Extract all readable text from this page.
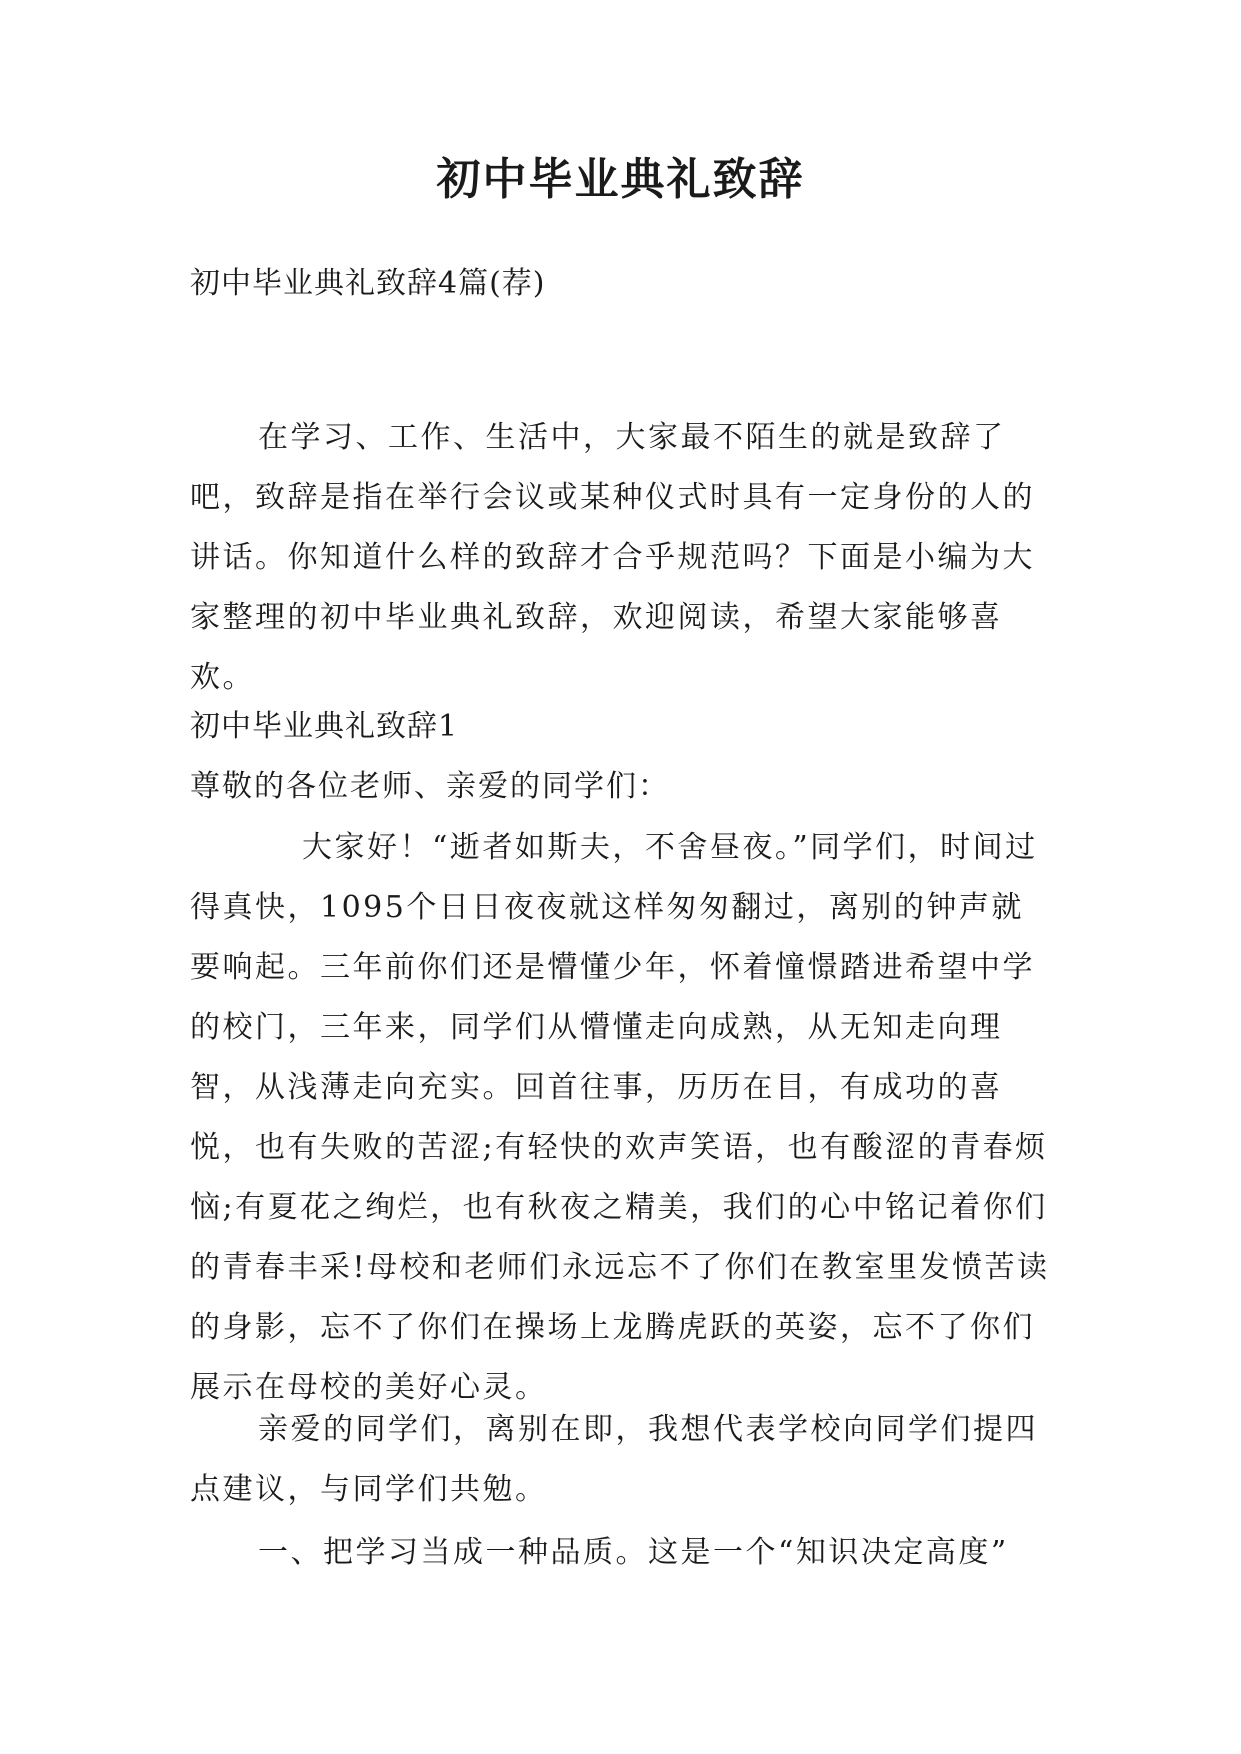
初中毕业典礼致辞
初中毕业典礼致辞4篇(荐)
在学习、工作、生活中，大家最不陌生的就是致辞了吧，致辞是指在举行会议或某种仪式时具有一定身份的人的讲话。你知道什么样的致辞才合乎规范吗？下面是小编为大家整理的初中毕业典礼致辞，欢迎阅读，希望大家能够喜欢。
初中毕业典礼致辞1
尊敬的各位老师、亲爱的同学们：
大家好！“逝者如斯夫，不舍昼夜。”同学们，时间过得真快，1095个日日夜夜就这样匆匆翻过，离别的钟声就要响起。三年前你们还是懵懂少年，怀着憧憬踏进希望中学的校门，三年来，同学们从懵懂走向成熟，从无知走向理智，从浅薄走向充实。回首往事，历历在目，有成功的喜悦，也有失败的苦涩;有轻快的欢声笑语，也有酸涩的青春烦恼;有夏花之绚烂，也有秋夜之精美，我们的心中铭记着你们的青春丰采!母校和老师们永远忘不了你们在教室里发愤苦读的身影，忘不了你们在操场上龙腾虎跃的英姿，忘不了你们展示在母校的美好心灵。
亲爱的同学们，离别在即，我想代表学校向同学们提四点建议，与同学们共勉。
一、把学习当成一种品质。这是一个“知识决定高度”
